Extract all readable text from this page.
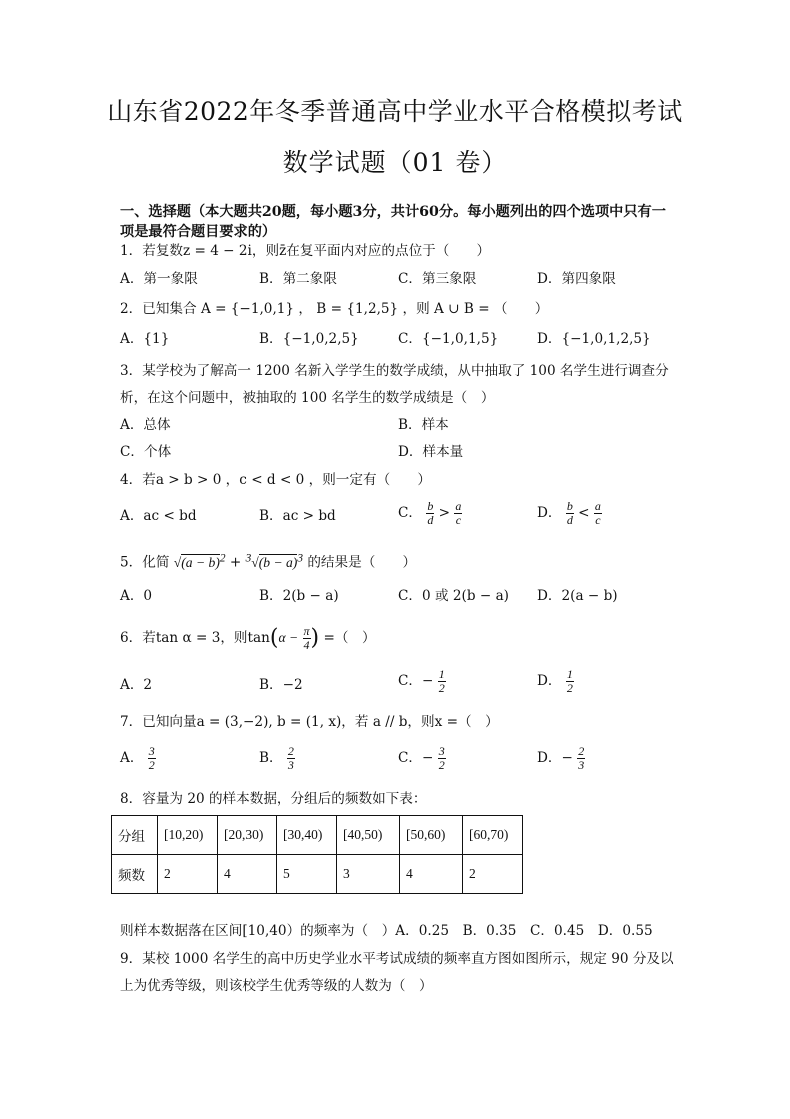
山东省2022年冬季普通高中学业水平合格模拟考试
数学试题（01 卷）
一、选择题（本大题共20题，每小题3分，共计60分。每小题列出的四个选项中只有一项是最符合题目要求的）
1．若复数z = 4 − 2i，则z̄在复平面内对应的点位于（　　）
A．第一象限	B．第二象限	C．第三象限	D．第四象限
2．已知集合 A = {−1,0,1} ， B = {1,2,5} ，则 A ∪ B = （　　）
A．{1}	B．{−1,0,2,5}	C．{−1,0,1,5}	D．{−1,0,1,2,5}
3．某学校为了解高一 1200 名新入学学生的数学成绩，从中抽取了 100 名学生进行调查分
析，在这个问题中，被抽取的 100 名学生的数学成绩是（　）
A．总体	B．样本
C．个体	D．样本量
4．若a > b > 0 ，c < d < 0 ，则一定有（　　）
A．ac < bd	B．ac > bd	C． $\frac{b}{d} > \frac{a}{c}$	D． $\frac{b}{d} < \frac{a}{c}$
5．化简 $√(a - b)^2 + ^3√(b - a)^3$ 的结果是（　　）
A．0	B．2(b − a)	C．0 或 2(b − a) D．2(a − b)
6．若tan α = 3，则$\tan(\alpha - \frac{\pi}{4}$ ) =（　）
A．2	B．−2	C．− $\frac{1}{2}$	D． $\frac{1}{2}$
7．已知向量a = (3,−2), b = (1, x)，若 a // b，则x =（　）
A． $\frac{3}{2}$	B． $\frac{2}{3}$	C．− $\frac{3}{2}$	D．− $\frac{2}{3}$
8．容量为 20 的样本数据，分组后的频数如下表：
分组	[10,20)	[20,30)	[30,40)	[40,50)	[50,60)	[60,70)
频数	2	4	5	3	4	2
则样本数据落在区间[10,40）的频率为（　）A．0.25　B．0.35　C．0.45　D．0.55
9．某校 1000 名学生的高中历史学业水平考试成绩的频率直方图如图所示，规定 90 分及以
上为优秀等级，则该校学生优秀等级的人数为（　）
